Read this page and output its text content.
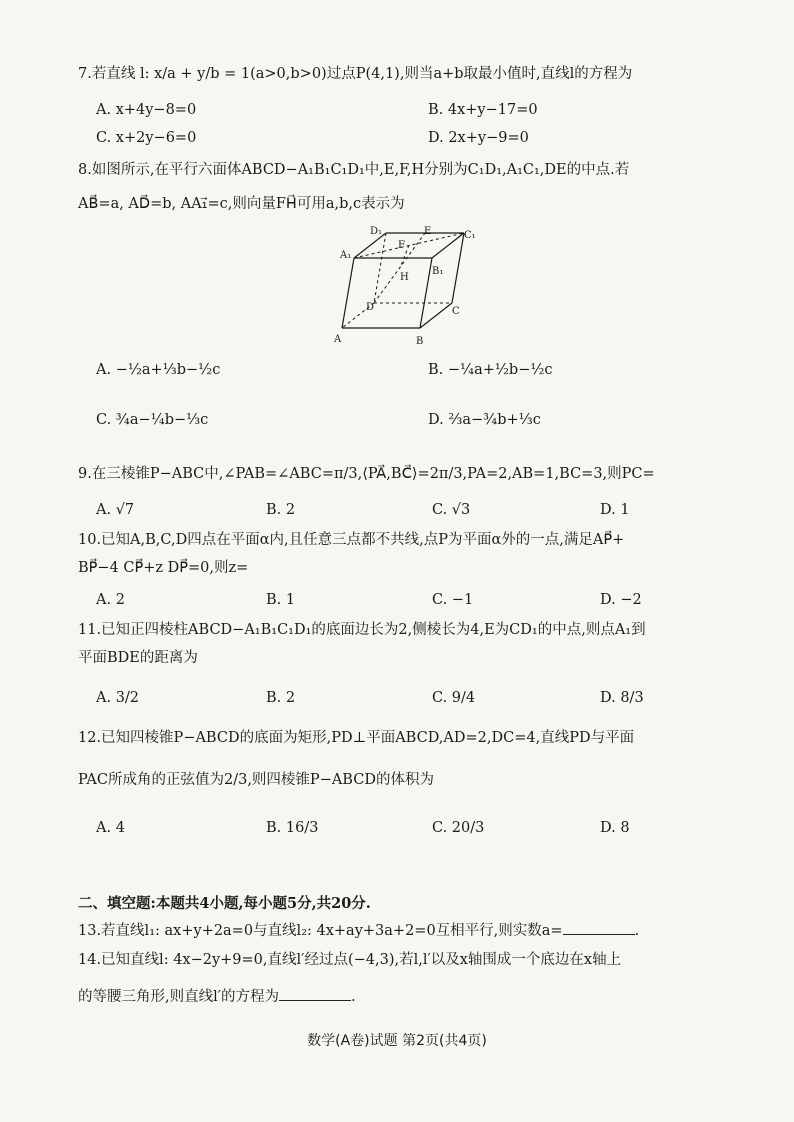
7.若直线 l: x/a + y/b = 1(a>0,b>0)过点P(4,1),则当a+b取最小值时,直线l的方程为
A. x+4y−8=0	B. 4x+y−17=0
C. x+2y−6=0	D. 2x+y−9=0
8.如图所示,在平行六面体ABCD−A₁B₁C₁D₁中,E,F,H分别为C₁D₁,A₁C₁,DE的中点.若
AB⃗=a, AD⃗=b, AA₁⃗=c,则向量FH⃗可用a,b,c表示为
D₁	E	C₁
A₁
F
B₁
H
D	C
A	B
A. −½a+⅓b−½c	B. −¼a+½b−½c
C. ¾a−¼b−⅓c	D. ⅔a−¾b+⅓c
9.在三棱锥P−ABC中,∠PAB=∠ABC=π/3,⟨PA⃗,BC⃗⟩=2π/3,PA=2,AB=1,BC=3,则PC=
A. √7	B. 2	C. √3	D. 1
10.已知A,B,C,D四点在平面α内,且任意三点都不共线,点P为平面α外的一点,满足AP⃗+
BP⃗−4 CP⃗+z DP⃗=0,则z=
A. 2	B. 1	C. −1	D. −2
11.已知正四棱柱ABCD−A₁B₁C₁D₁的底面边长为2,侧棱长为4,E为CD₁的中点,则点A₁到
平面BDE的距离为
A. 3/2	B. 2	C. 9/4	D. 8/3
12.已知四棱锥P−ABCD的底面为矩形,PD⊥平面ABCD,AD=2,DC=4,直线PD与平面
PAC所成角的正弦值为2/3,则四棱锥P−ABCD的体积为
A. 4	B. 16/3	C. 20/3	D. 8
二、填空题:本题共4小题,每小题5分,共20分.
13.若直线l₁: ax+y+2a=0与直线l₂: 4x+ay+3a+2=0互相平行,则实数a=	.
14.已知直线l: 4x−2y+9=0,直线l′经过点(−4,3),若l,l′以及x轴围成一个底边在x轴上
的等腰三角形,则直线l′的方程为	.
数学(A卷)试题 第2页(共4页)
